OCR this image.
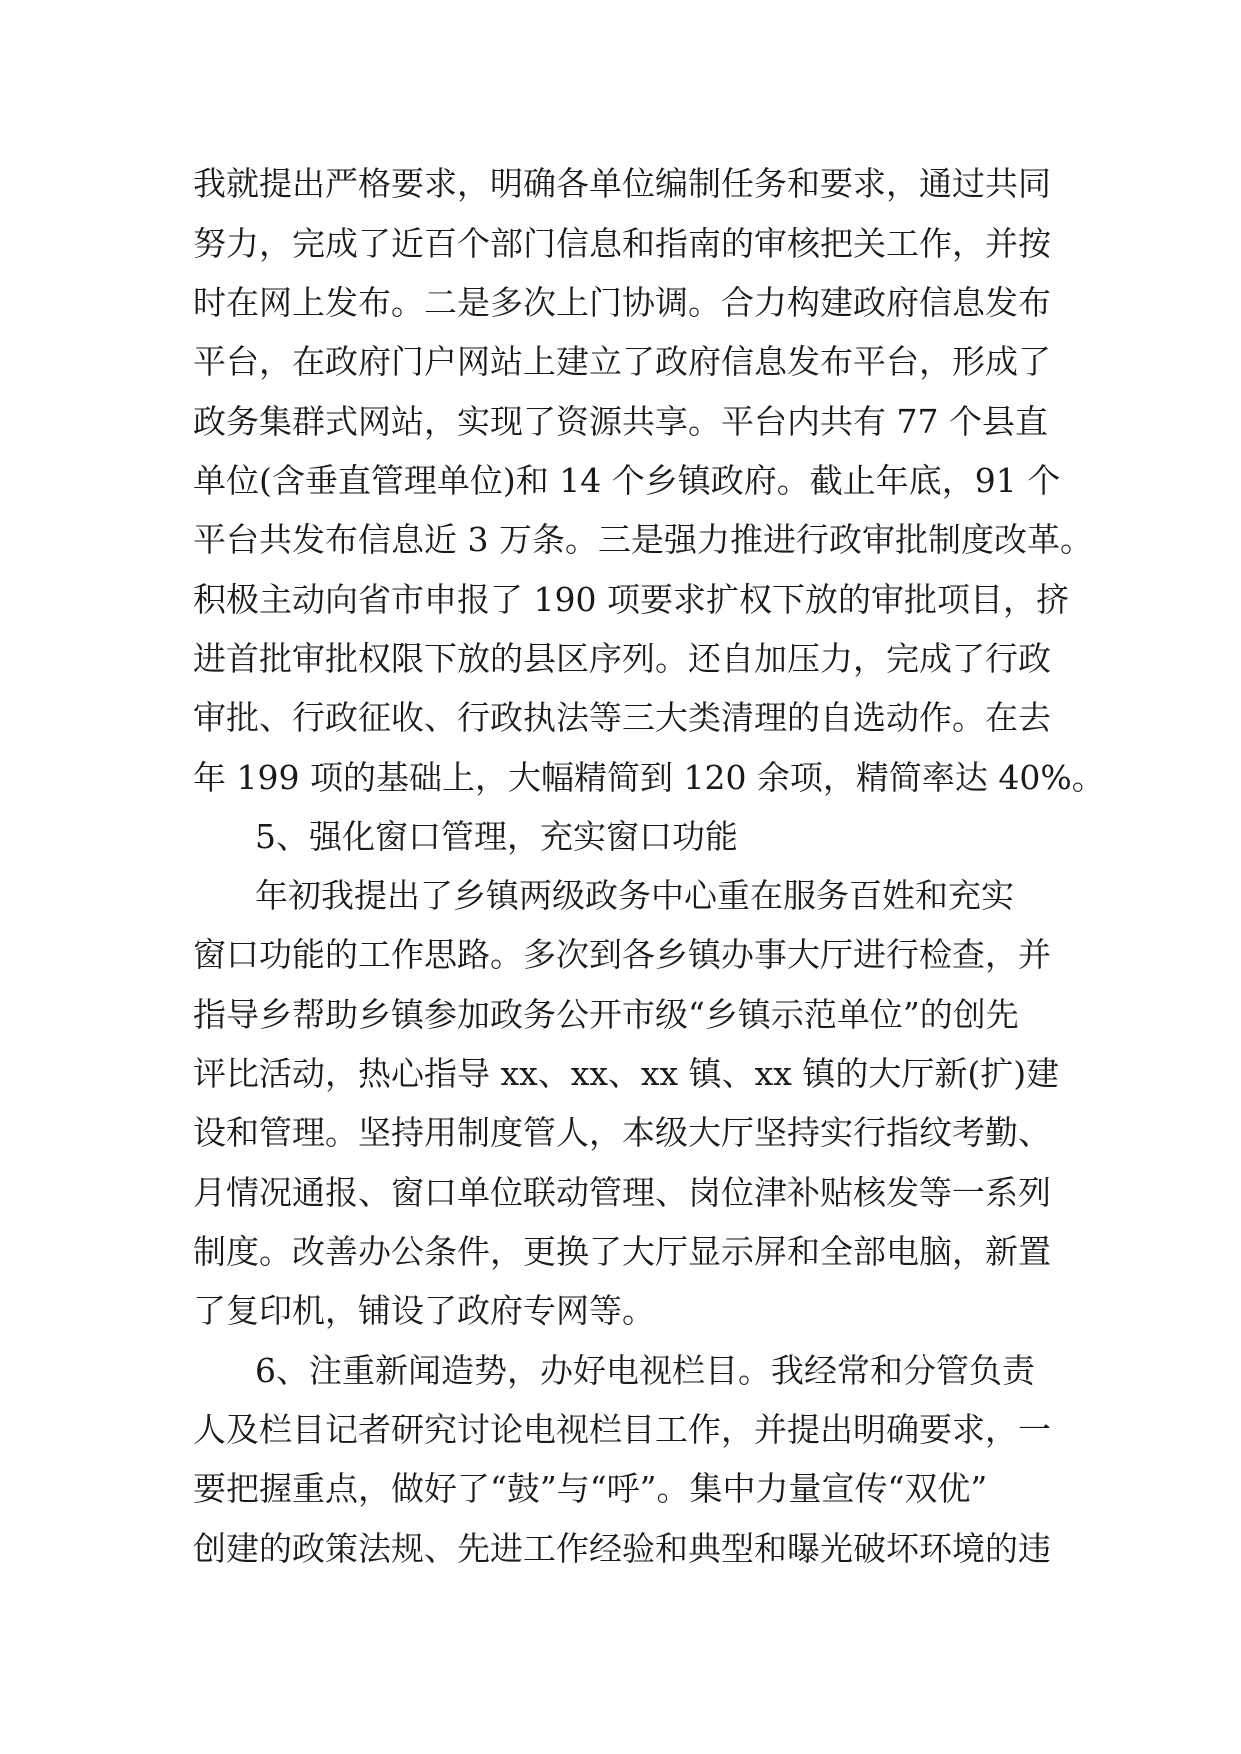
我就提出严格要求，明确各单位编制任务和要求，通过共同
努力，完成了近百个部门信息和指南的审核把关工作，并按
时在网上发布。二是多次上门协调。合力构建政府信息发布
平台，在政府门户网站上建立了政府信息发布平台，形成了
政务集群式网站，实现了资源共享。平台内共有 77 个县直
单位(含垂直管理单位)和 14 个乡镇政府。截止年底，91 个
平台共发布信息近 3 万条。三是强力推进行政审批制度改革。
积极主动向省市申报了 190 项要求扩权下放的审批项目，挤
进首批审批权限下放的县区序列。还自加压力，完成了行政
审批、行政征收、行政执法等三大类清理的自选动作。在去
年 199 项的基础上，大幅精简到 120 余项，精简率达 40%。
5、强化窗口管理，充实窗口功能
年初我提出了乡镇两级政务中心重在服务百姓和充实
窗口功能的工作思路。多次到各乡镇办事大厅进行检查，并
指导乡帮助乡镇参加政务公开市级“乡镇示范单位”的创先
评比活动，热心指导 xx、xx、xx 镇、xx 镇的大厅新(扩)建
设和管理。坚持用制度管人，本级大厅坚持实行指纹考勤、
月情况通报、窗口单位联动管理、岗位津补贴核发等一系列
制度。改善办公条件，更换了大厅显示屏和全部电脑，新置
了复印机，铺设了政府专网等。
6、注重新闻造势，办好电视栏目。我经常和分管负责
人及栏目记者研究讨论电视栏目工作，并提出明确要求，一
要把握重点，做好了“鼓”与“呼”。集中力量宣传“双优”
创建的政策法规、先进工作经验和典型和曝光破坏环境的违
